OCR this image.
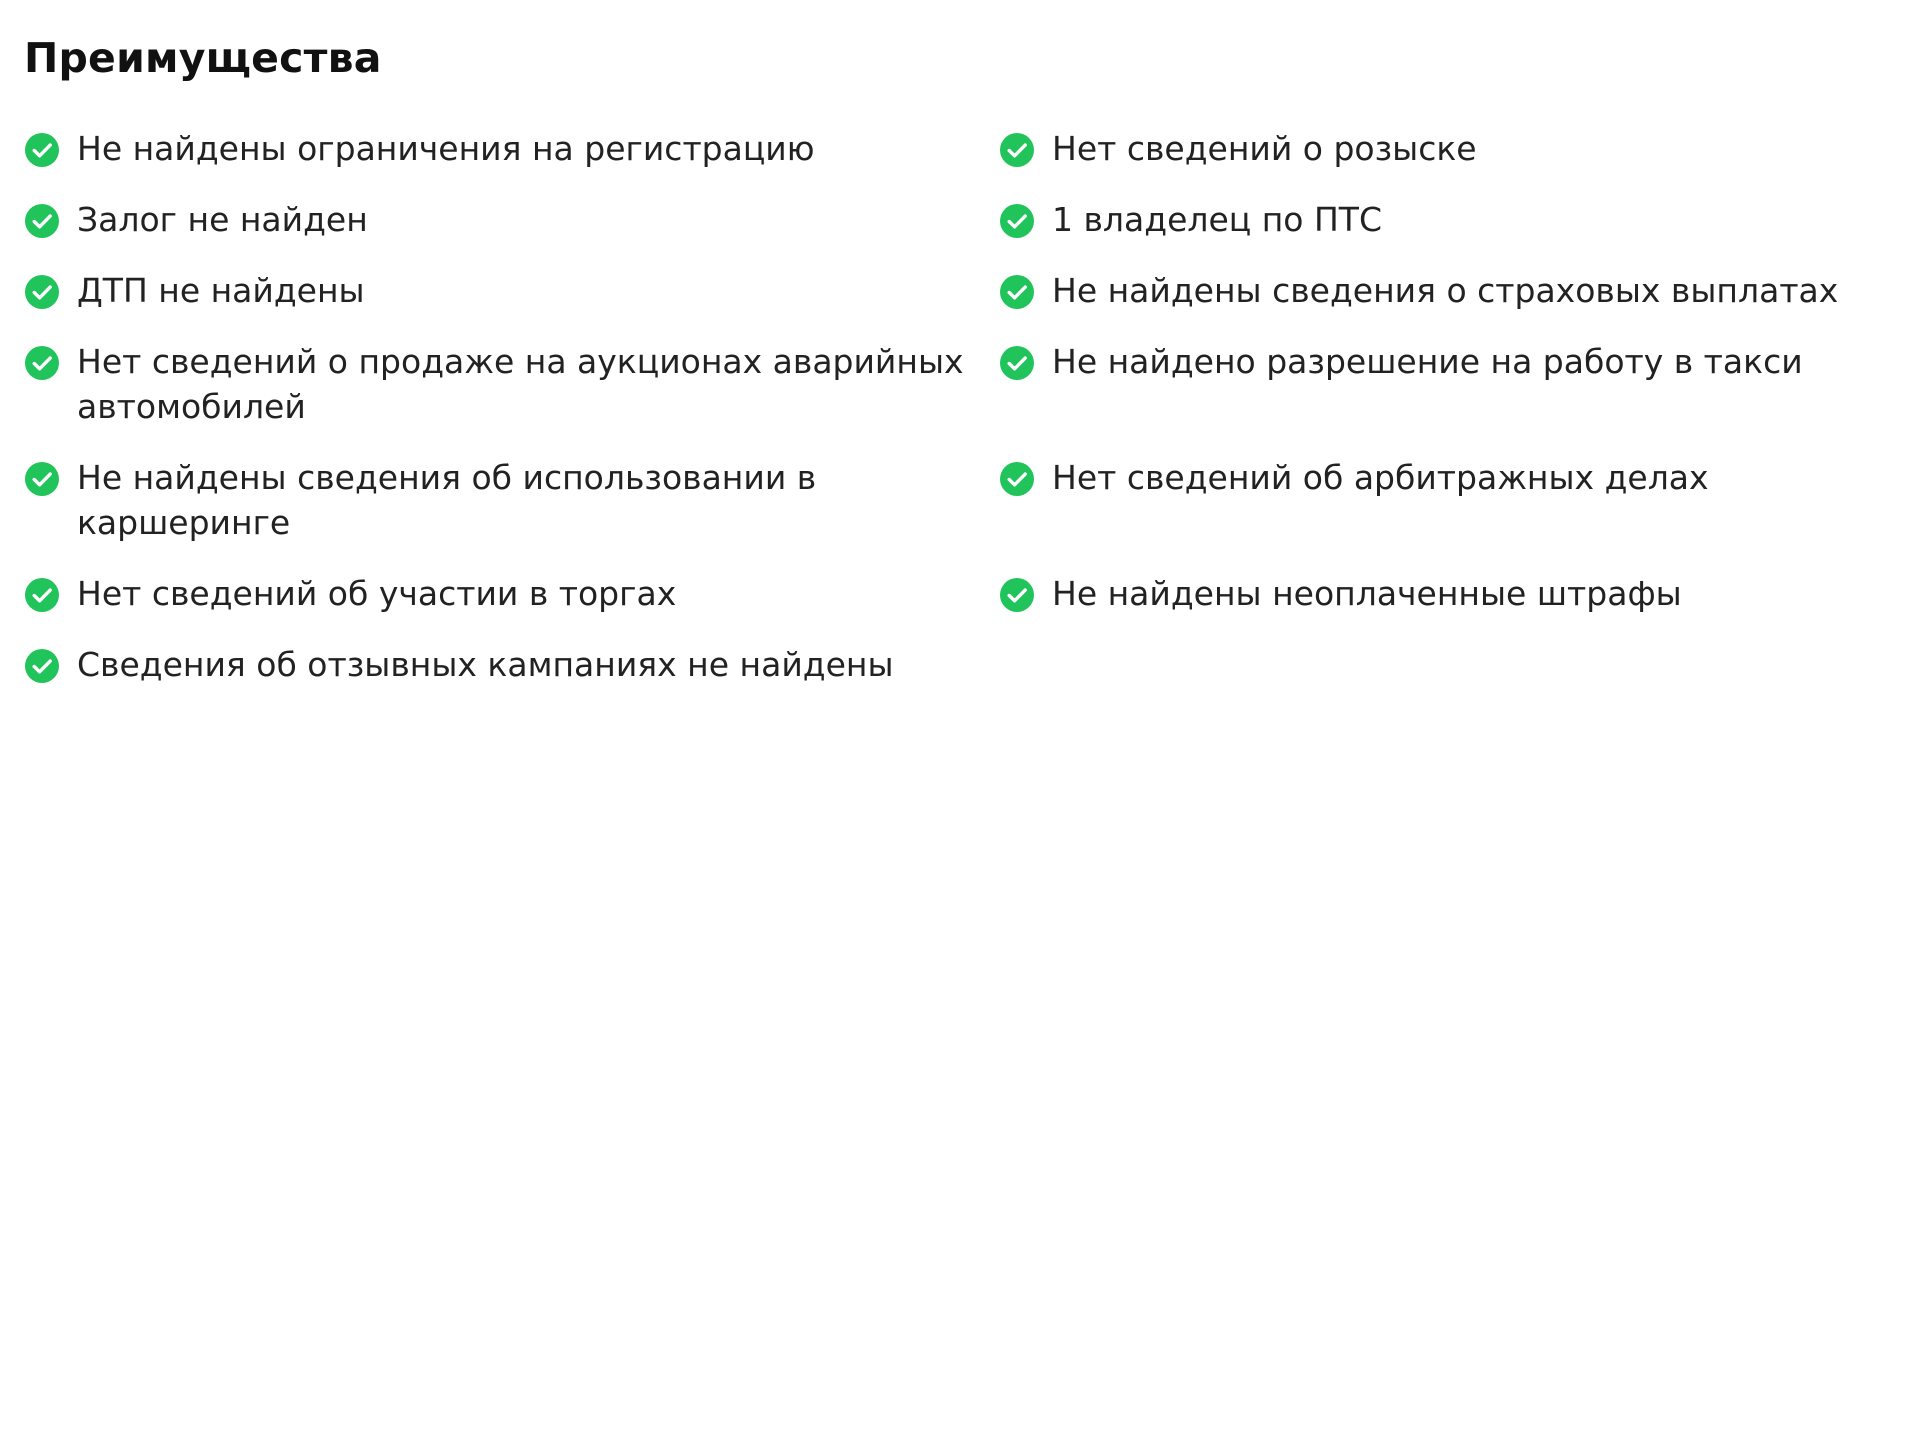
Преимущества
Не найдены ограничения на регистрацию	Нет сведений о розыске
Залог не найден	1 владелец по ПТС
ДТП не найдены	Не найдены сведения о страховых выплатах
Нет сведений о продаже на аукционах аварийных автомобилей
Не найдено разрешение на работу в такси
Не найдены сведения об использовании в каршеринге
Нет сведений об арбитражных делах
Нет сведений об участии в торгах	Не найдены неоплаченные штрафы
Сведения об отзывных кампаниях не найдены
